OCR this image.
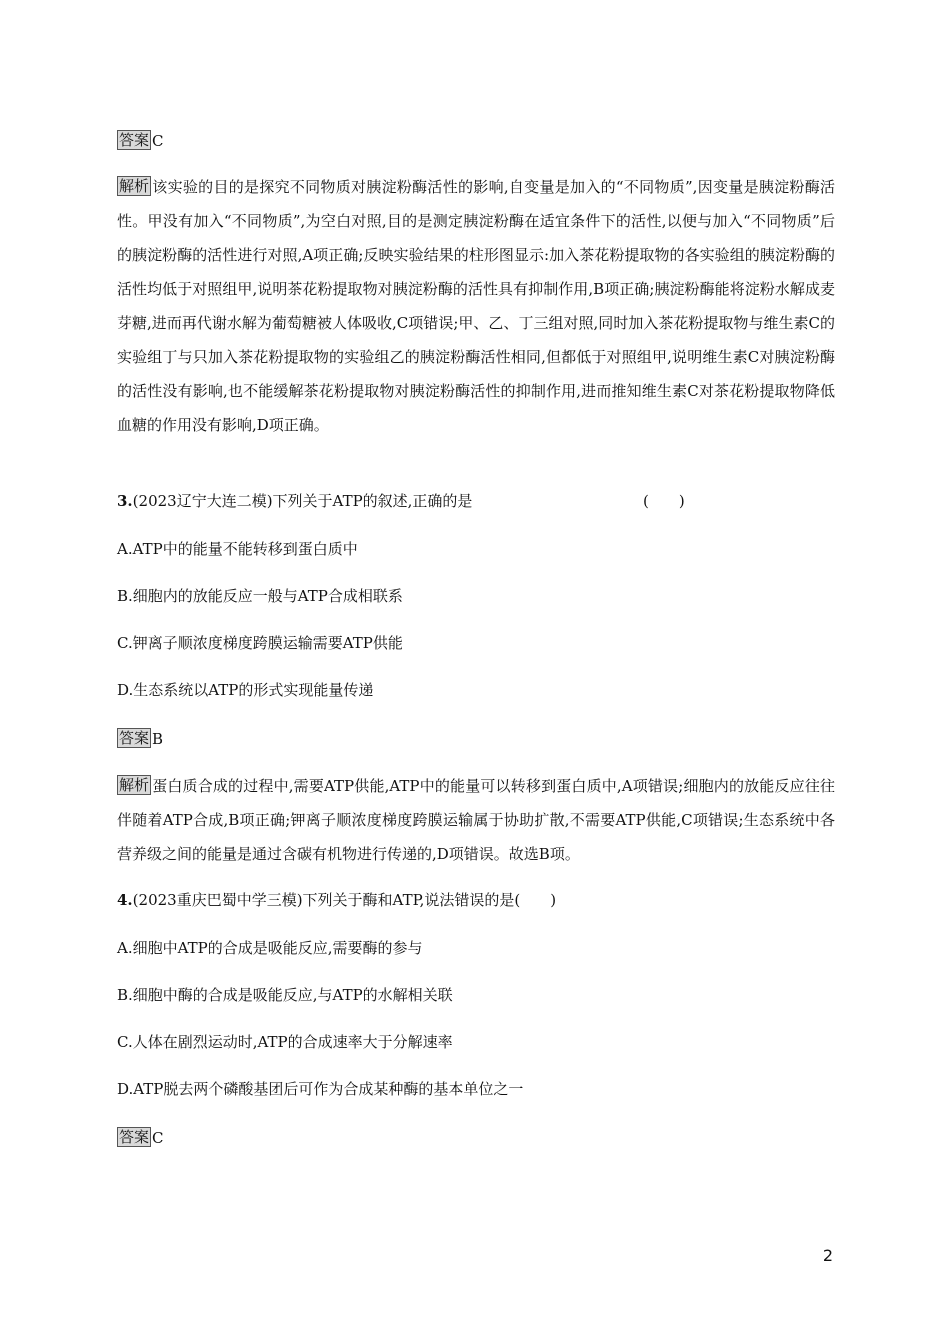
答案 C
解析 该实验的目的是探究不同物质对胰淀粉酶活性的影响,自变量是加入的“不同物质”,因变量是胰淀粉酶活性。甲没有加入“不同物质”,为空白对照,目的是测定胰淀粉酶在适宜条件下的活性,以便与加入“不同物质”后的胰淀粉酶的活性进行对照,A项正确;反映实验结果的柱形图显示:加入茶花粉提取物的各实验组的胰淀粉酶的活性均低于对照组甲,说明茶花粉提取物对胰淀粉酶的活性具有抑制作用,B项正确;胰淀粉酶能将淀粉水解成麦芽糖,进而再代谢水解为葡萄糖被人体吸收,C项错误;甲、乙、丁三组对照,同时加入茶花粉提取物与维生素C的实验组丁与只加入茶花粉提取物的实验组乙的胰淀粉酶活性相同,但都低于对照组甲,说明维生素C对胰淀粉酶的活性没有影响,也不能缓解茶花粉提取物对胰淀粉酶活性的抑制作用,进而推知维生素C对茶花粉提取物降低血糖的作用没有影响,D项正确。
3.(2023辽宁大连二模)下列关于ATP的叙述,正确的是	(　　)
A.ATP中的能量不能转移到蛋白质中
B.细胞内的放能反应一般与ATP合成相联系
C.钾离子顺浓度梯度跨膜运输需要ATP供能
D.生态系统以ATP的形式实现能量传递
答案 B
解析 蛋白质合成的过程中,需要ATP供能,ATP中的能量可以转移到蛋白质中,A项错误;细胞内的放能反应往往伴随着ATP合成,B项正确;钾离子顺浓度梯度跨膜运输属于协助扩散,不需要ATP供能,C项错误;生态系统中各营养级之间的能量是通过含碳有机物进行传递的,D项错误。故选B项。
4.(2023重庆巴蜀中学三模)下列关于酶和ATP,说法错误的是(　　)
A.细胞中ATP的合成是吸能反应,需要酶的参与
B.细胞中酶的合成是吸能反应,与ATP的水解相关联
C.人体在剧烈运动时,ATP的合成速率大于分解速率
D.ATP脱去两个磷酸基团后可作为合成某种酶的基本单位之一
答案 C
2
